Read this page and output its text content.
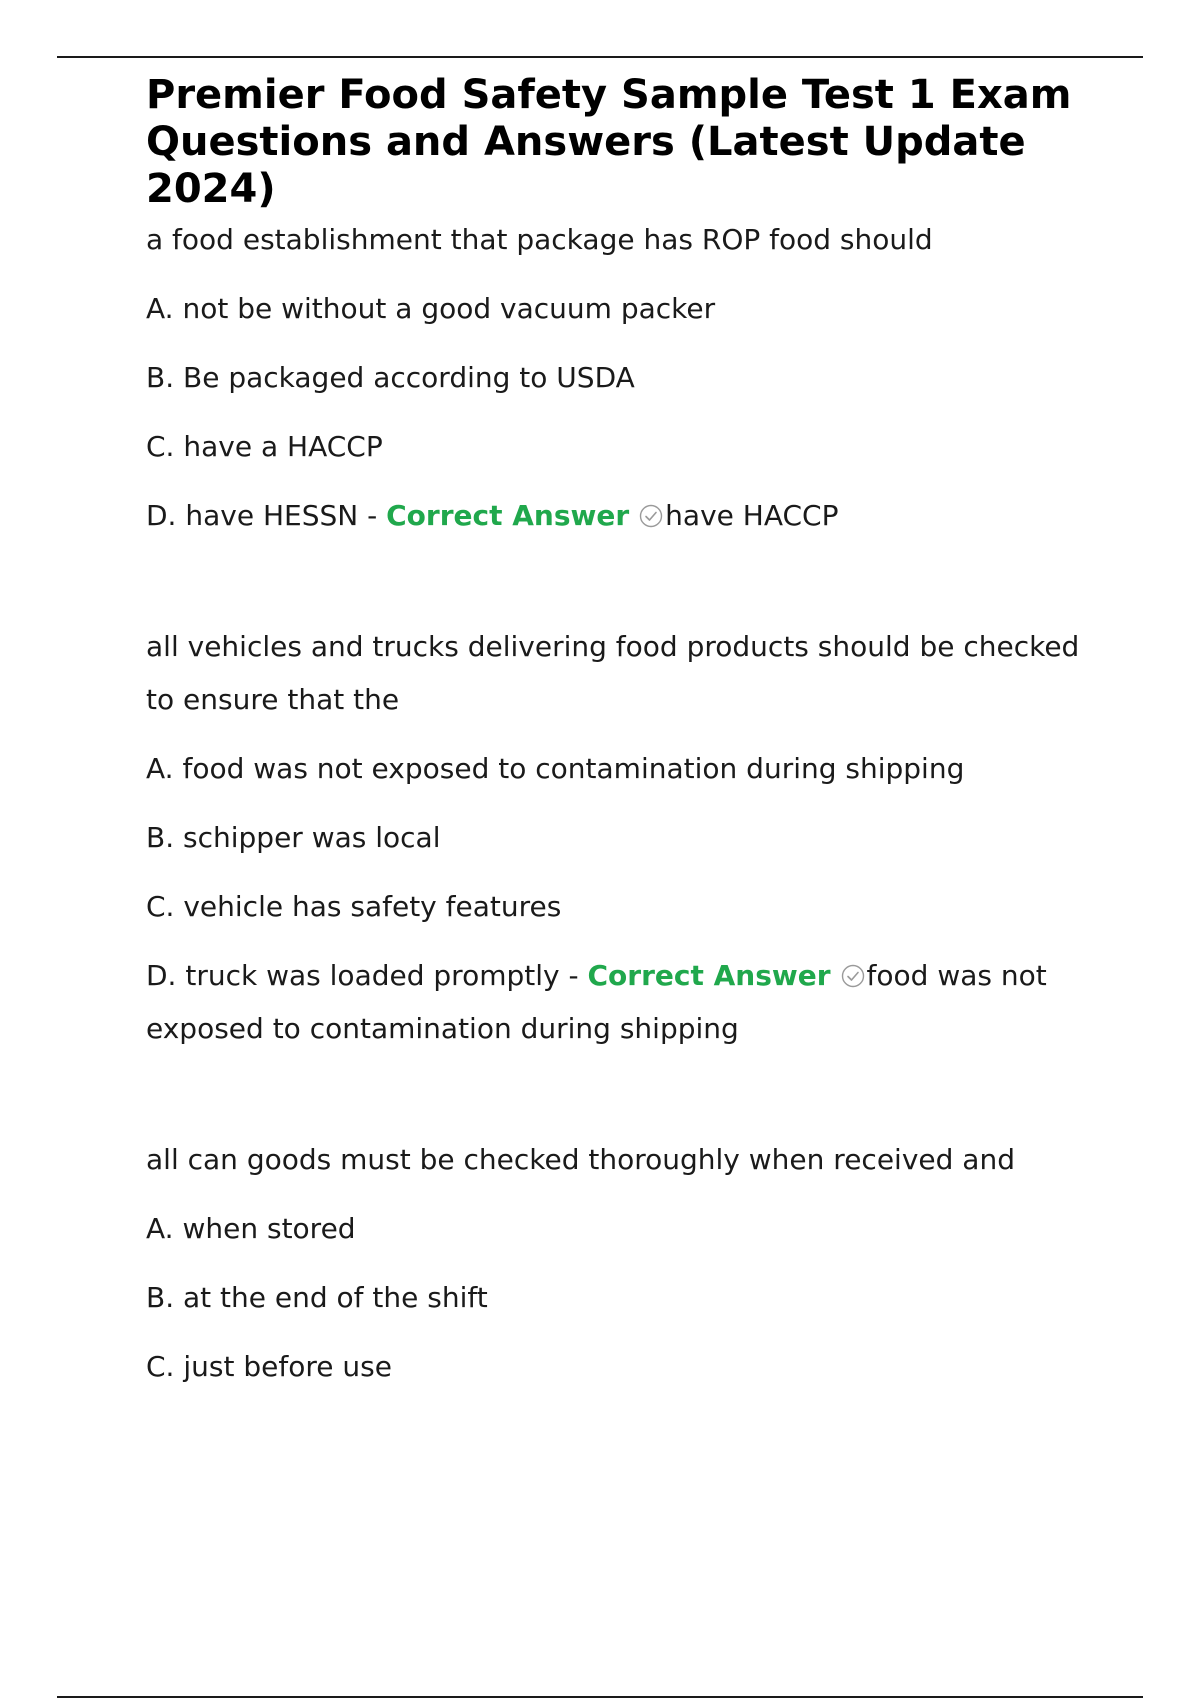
Premier Food Safety Sample Test 1 Exam Questions and Answers (Latest Update 2024)

a food establishment that package has ROP food should

A. not be without a good vacuum packer

B. Be packaged according to USDA

C. have a HACCP

D. have HESSN - Correct Answer have HACCP

all vehicles and trucks delivering food products should be checked to ensure that the

A. food was not exposed to contamination during shipping

B. schipper was local

C. vehicle has safety features

D. truck was loaded promptly - Correct Answer food was not exposed to contamination during shipping

all can goods must be checked thoroughly when received and

A. when stored

B. at the end of the shift

C. just before use
